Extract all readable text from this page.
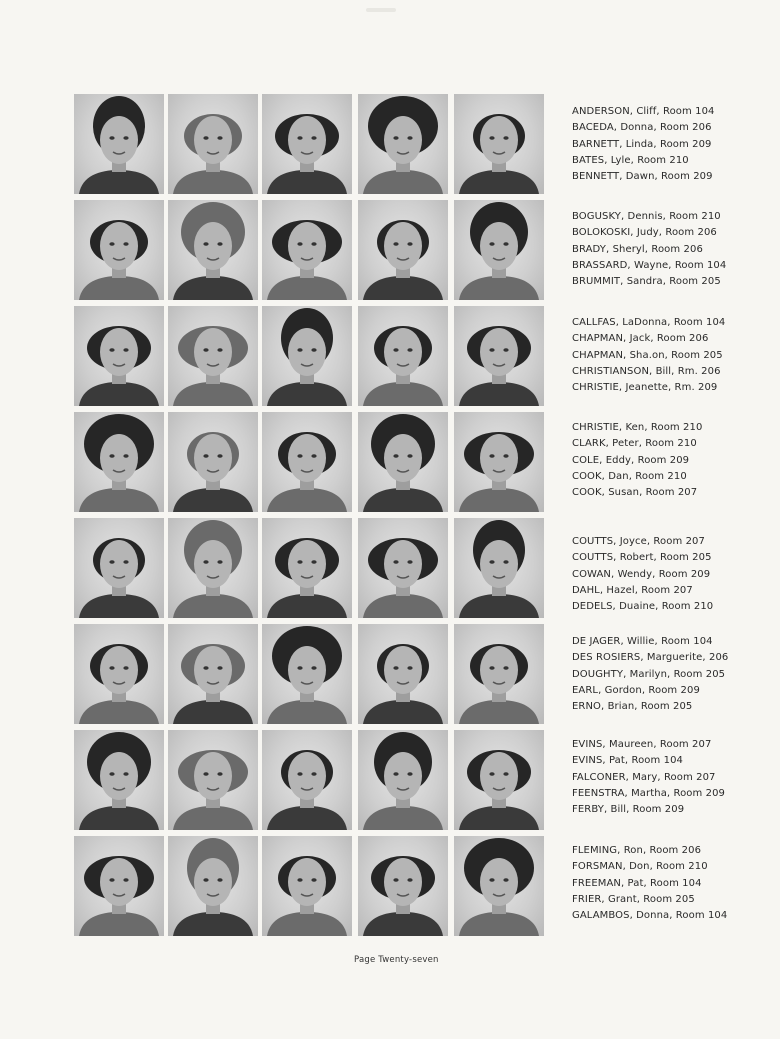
ANDERSON, Cliff, Room 104
BACEDA, Donna, Room 206
BARNETT, Linda, Room 209
BATES, Lyle, Room 210
BENNETT, Dawn, Room 209
BOGUSKY, Dennis, Room 210
BOLOKOSKI, Judy, Room 206
BRADY, Sheryl, Room 206
BRASSARD, Wayne, Room 104
BRUMMIT, Sandra, Room 205
CALLFAS, LaDonna, Room 104
CHAPMAN, Jack, Room 206
CHAPMAN, Sha.on, Room 205
CHRISTIANSON, Bill, Rm. 206
CHRISTIE, Jeanette, Rm. 209
CHRISTIE, Ken, Room 210
CLARK, Peter, Room 210
COLE, Eddy, Room 209
COOK, Dan, Room 210
COOK, Susan, Room 207
COUTTS, Joyce, Room 207
COUTTS, Robert, Room 205
COWAN, Wendy, Room 209
DAHL, Hazel, Room 207
DEDELS, Duaine, Room 210
DE JAGER, Willie, Room 104
DES ROSIERS, Marguerite, 206
DOUGHTY, Marilyn, Room 205
EARL, Gordon, Room 209
ERNO, Brian, Room 205
EVINS, Maureen, Room 207
EVINS, Pat, Room 104
FALCONER, Mary, Room 207
FEENSTRA, Martha, Room 209
FERBY, Bill, Room 209
FLEMING, Ron, Room 206
FORSMAN, Don, Room 210
FREEMAN, Pat, Room 104
FRIER, Grant, Room 205
GALAMBOS, Donna, Room 104
Page Twenty-seven
